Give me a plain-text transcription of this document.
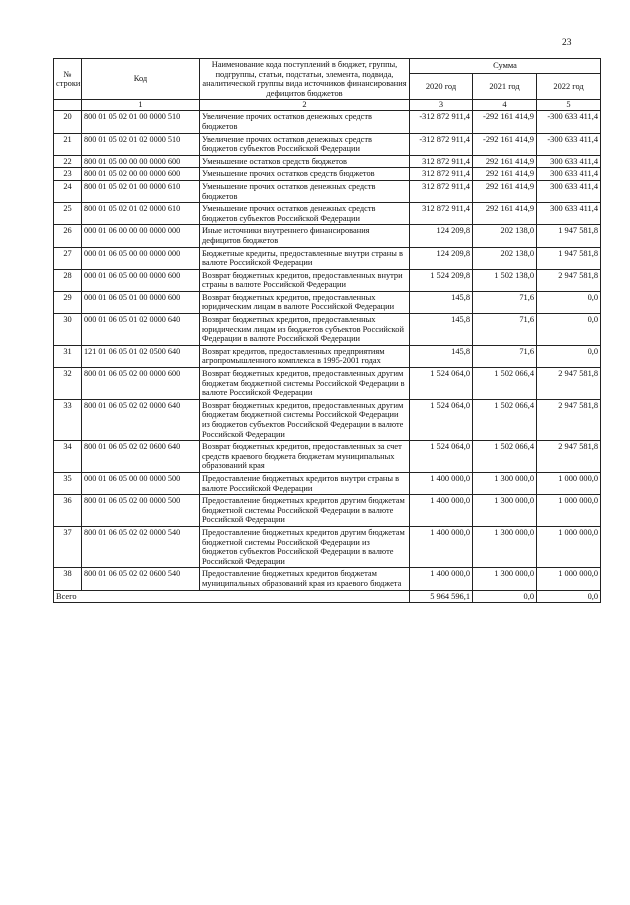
23
№ строки	Код	Наименование кода поступлений в бюджет, группы, подгруппы, статьи, подстатьи, элемента, подвида, аналитической группы вида источников финансирования дефицитов бюджетов	Сумма		
			2020 год	2021 год	2022 год
	1	2	3	4	5
20	800 01 05 02 01 00 0000 510	Увеличение прочих остатков денежных средств бюджетов	-312 872 911,4	-292 161 414,9	-300 633 411,4
21	800 01 05 02 01 02 0000 510	Увеличение прочих остатков денежных средств бюджетов субъектов Российской Федерации	-312 872 911,4	-292 161 414,9	-300 633 411,4
22	800 01 05 00 00 00 0000 600	Уменьшение остатков средств бюджетов	312 872 911,4	292 161 414,9	300 633 411,4
23	800 01 05 02 00 00 0000 600	Уменьшение прочих остатков средств бюджетов	312 872 911,4	292 161 414,9	300 633 411,4
24	800 01 05 02 01 00 0000 610	Уменьшение прочих остатков денежных средств бюджетов	312 872 911,4	292 161 414,9	300 633 411,4
25	800 01 05 02 01 02 0000 610	Уменьшение прочих остатков денежных средств бюджетов субъектов Российской Федерации	312 872 911,4	292 161 414,9	300 633 411,4
26	000 01 06 00 00 00 0000 000	Иные источники внутреннего финансирования дефицитов бюджетов	124 209,8	202 138,0	1 947 581,8
27	000 01 06 05 00 00 0000 000	Бюджетные кредиты, предоставленные внутри страны в валюте Российской Федерации	124 209,8	202 138,0	1 947 581,8
28	000 01 06 05 00 00 0000 600	Возврат бюджетных кредитов, предоставленных внутри страны в валюте Российской Федерации	1 524 209,8	1 502 138,0	2 947 581,8
29	000 01 06 05 01 00 0000 600	Возврат бюджетных кредитов, предоставленных юридическим лицам в валюте Российской Федерации	145,8	71,6	0,0
30	000 01 06 05 01 02 0000 640	Возврат бюджетных кредитов, предоставленных юридическим лицам из бюджетов субъектов Российской Федерации в валюте Российской Федерации	145,8	71,6	0,0
31	121 01 06 05 01 02 0500 640	Возврат кредитов, предоставленных предприятиям агропромышленного комплекса в 1995-2001 годах	145,8	71,6	0,0
32	800 01 06 05 02 00 0000 600	Возврат бюджетных кредитов, предоставленных другим бюджетам бюджетной системы Российской Федерации в валюте Российской Федерации	1 524 064,0	1 502 066,4	2 947 581,8
33	800 01 06 05 02 02 0000 640	Возврат бюджетных кредитов, предоставленных другим бюджетам бюджетной системы Российской Федерации из бюджетов субъектов Российской Федерации в валюте Российской Федерации	1 524 064,0	1 502 066,4	2 947 581,8
34	800 01 06 05 02 02 0600 640	Возврат бюджетных кредитов, предоставленных за счет средств краевого бюджета бюджетам муниципальных образований края	1 524 064,0	1 502 066,4	2 947 581,8
35	000 01 06 05 00 00 0000 500	Предоставление бюджетных кредитов внутри страны в валюте Российской Федерации	1 400 000,0	1 300 000,0	1 000 000,0
36	800 01 06 05 02 00 0000 500	Предоставление бюджетных кредитов другим бюджетам бюджетной системы Российской Федерации в валюте Российской Федерации	1 400 000,0	1 300 000,0	1 000 000,0
37	800 01 06 05 02 02 0000 540	Предоставление бюджетных кредитов другим бюджетам бюджетной системы Российской Федерации из бюджетов субъектов Российской Федерации в валюте Российской Федерации	1 400 000,0	1 300 000,0	1 000 000,0
38	800 01 06 05 02 02 0600 540	Предоставление бюджетных кредитов бюджетам муниципальных образований края из краевого бюджета	1 400 000,0	1 300 000,0	1 000 000,0
Всего			5 964 596,1	0,0	0,0
